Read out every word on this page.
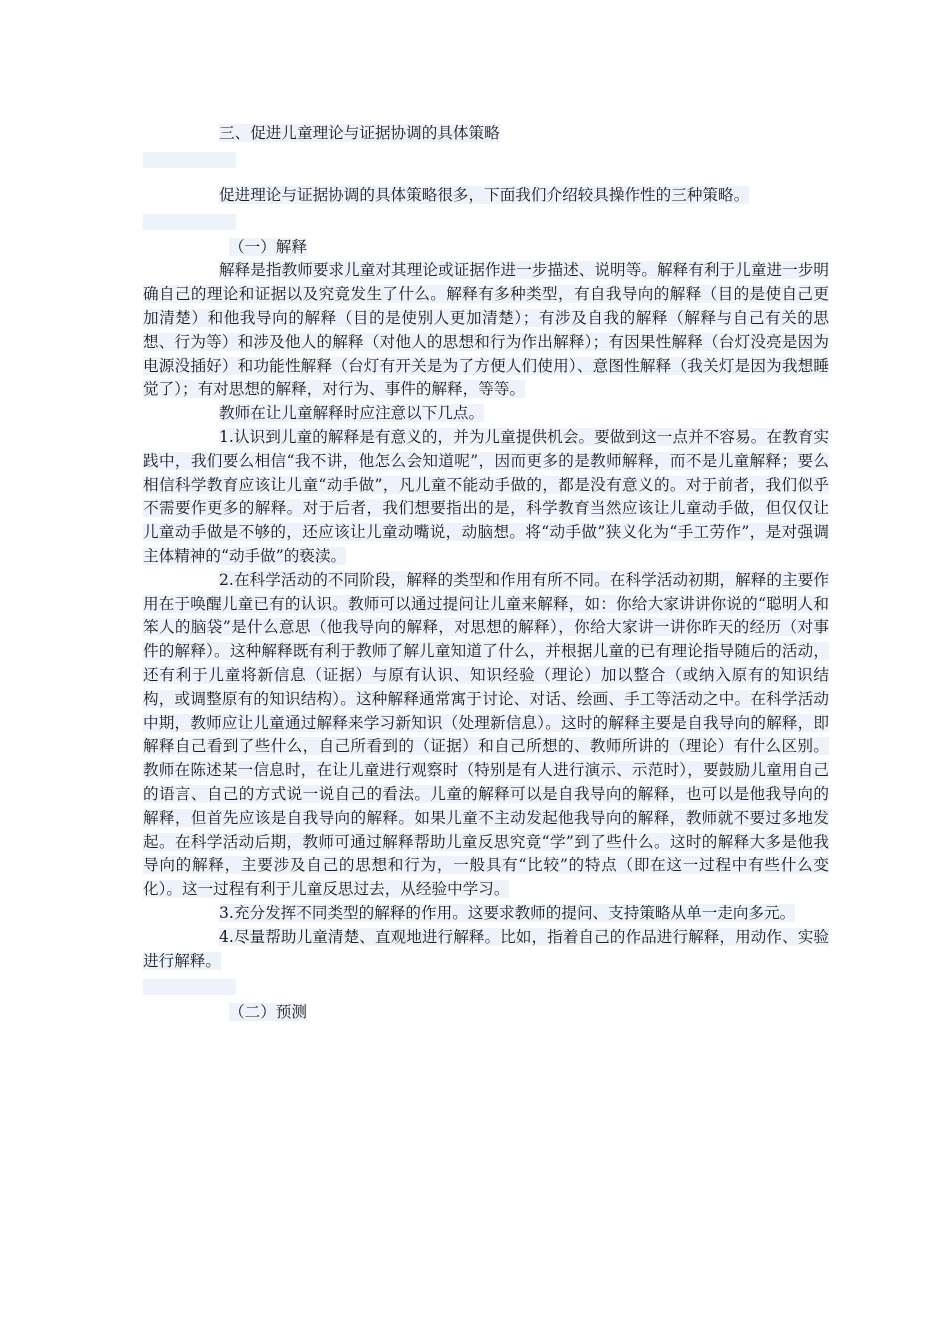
三、促进儿童理论与证据协调的具体策略

促进理论与证据协调的具体策略很多，下面我们介绍较具操作性的三种策略。

（一）解释

解释是指教师要求儿童对其理论或证据作进一步描述、说明等。解释有利于儿童进一步明确自己的理论和证据以及究竟发生了什么。解释有多种类型，有自我导向的解释（目的是使自己更加清楚）和他我导向的解释（目的是使别人更加清楚）；有涉及自我的解释（解释与自己有关的思想、行为等）和涉及他人的解释（对他人的思想和行为作出解释）；有因果性解释（台灯没亮是因为电源没插好）和功能性解释（台灯有开关是为了方便人们使用）、意图性解释（我关灯是因为我想睡觉了）；有对思想的解释，对行为、事件的解释，等等。

教师在让儿童解释时应注意以下几点。

1.认识到儿童的解释是有意义的，并为儿童提供机会。要做到这一点并不容易。在教育实践中，我们要么相信“我不讲，他怎么会知道呢”，因而更多的是教师解释，而不是儿童解释；要么相信科学教育应该让儿童“动手做”，凡儿童不能动手做的，都是没有意义的。对于前者，我们似乎不需要作更多的解释。对于后者，我们想要指出的是，科学教育当然应该让儿童动手做，但仅仅让儿童动手做是不够的，还应该让儿童动嘴说，动脑想。将“动手做”狭义化为“手工劳作”，是对强调主体精神的“动手做”的亵渎。

2.在科学活动的不同阶段，解释的类型和作用有所不同。在科学活动初期，解释的主要作用在于唤醒儿童已有的认识。教师可以通过提问让儿童来解释，如：你给大家讲讲你说的“聪明人和笨人的脑袋”是什么意思（他我导向的解释，对思想的解释），你给大家讲一讲你昨天的经历（对事件的解释）。这种解释既有利于教师了解儿童知道了什么，并根据儿童的已有理论指导随后的活动，还有利于儿童将新信息（证据）与原有认识、知识经验（理论）加以整合（或纳入原有的知识结构，或调整原有的知识结构）。这种解释通常寓于讨论、对话、绘画、手工等活动之中。在科学活动中期，教师应让儿童通过解释来学习新知识（处理新信息）。这时的解释主要是自我导向的解释，即解释自己看到了些什么，自己所看到的（证据）和自己所想的、教师所讲的（理论）有什么区别。教师在陈述某一信息时，在让儿童进行观察时（特别是有人进行演示、示范时），要鼓励儿童用自己的语言、自己的方式说一说自己的看法。儿童的解释可以是自我导向的解释，也可以是他我导向的解释，但首先应该是自我导向的解释。如果儿童不主动发起他我导向的解释，教师就不要过多地发起。在科学活动后期，教师可通过解释帮助儿童反思究竟“学”到了些什么。这时的解释大多是他我导向的解释，主要涉及自己的思想和行为，一般具有“比较”的特点（即在这一过程中有些什么变化）。这一过程有利于儿童反思过去，从经验中学习。

3.充分发挥不同类型的解释的作用。这要求教师的提问、支持策略从单一走向多元。

4.尽量帮助儿童清楚、直观地进行解释。比如，指着自己的作品进行解释，用动作、实验进行解释。

（二）预测
